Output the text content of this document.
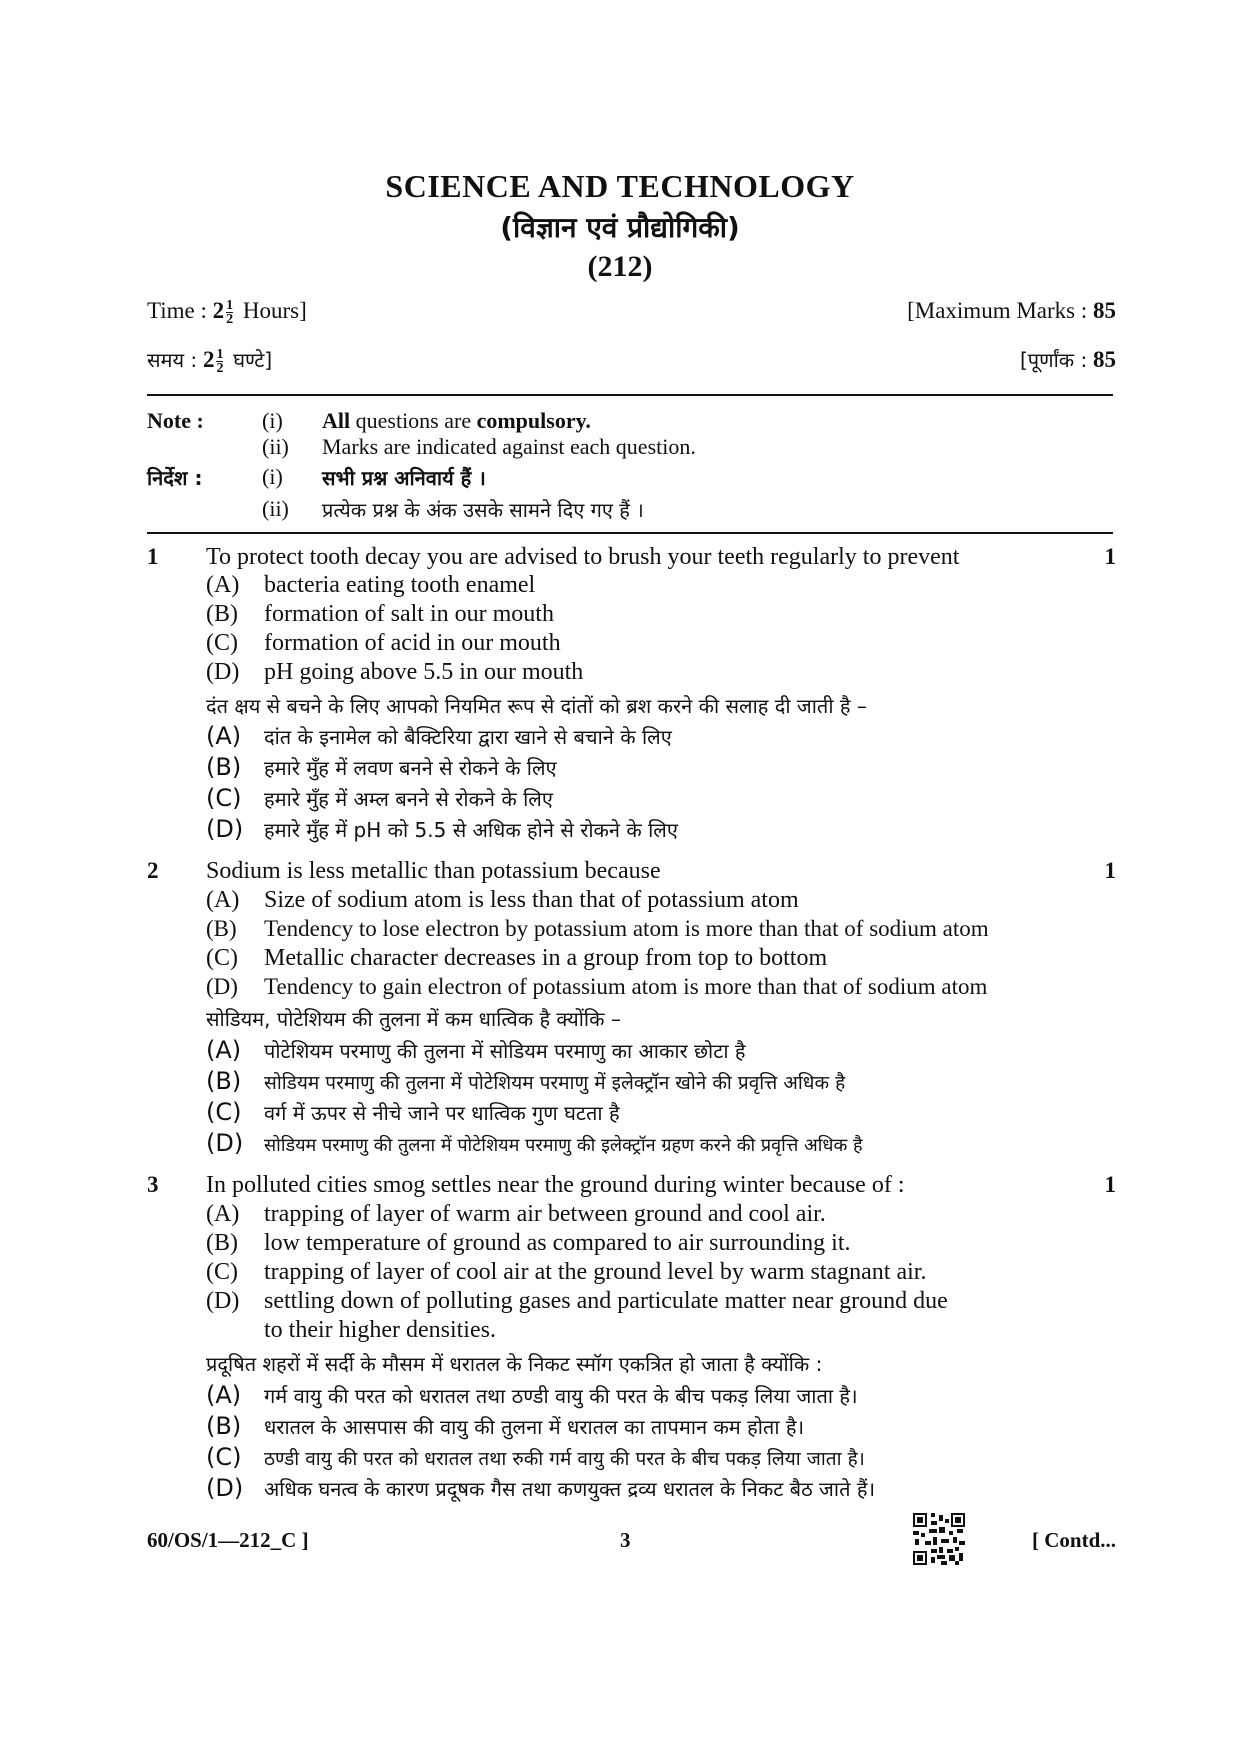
SCIENCE AND TECHNOLOGY
(विज्ञान एवं प्रौद्योगिकी)
(212)
Time : $2 \frac{1}{2}$ Hours]	[Maximum Marks : 85
समय : $2 \frac{1}{2}$ घण्टे]	[पूर्णांक : 85
Note :	(i) All questions are compulsory.
(ii) Marks are indicated against each question.
निर्देश :	(i) सभी प्रश्न अनिवार्य हैं ।
(ii) प्रत्येक प्रश्न के अंक उसके सामने दिए गए हैं ।
1 To protect tooth decay you are advised to brush your teeth regularly to prevent	1
(A) bacteria eating tooth enamel
(B) formation of salt in our mouth
(C) formation of acid in our mouth
(D) pH going above 5.5 in our mouth
दंत क्षय से बचने के लिए आपको नियमित रूप से दांतों को ब्रश करने की सलाह दी जाती है –
(A) दांत के इनामेल को बैक्टिरिया द्वारा खाने से बचाने के लिए
(B) हमारे मुँह में लवण बनने से रोकने के लिए
(C) हमारे मुँह में अम्ल बनने से रोकने के लिए
(D) हमारे मुँह में pH को 5.5 से अधिक होने से रोकने के लिए
2 Sodium is less metallic than potassium because	1
(A) Size of sodium atom is less than that of potassium atom
(B) Tendency to lose electron by potassium atom is more than that of sodium atom
(C) Metallic character decreases in a group from top to bottom
(D) Tendency to gain electron of potassium atom is more than that of sodium atom
सोडियम, पोटेशियम की तुलना में कम धात्विक है क्योंकि –
(A) पोटेशियम परमाणु की तुलना में सोडियम परमाणु का आकार छोटा है
(B) सोडियम परमाणु की तुलना में पोटेशियम परमाणु में इलेक्ट्रॉन खोने की प्रवृत्ति अधिक है
(C) वर्ग में ऊपर से नीचे जाने पर धात्विक गुण घटता है
(D) सोडियम परमाणु की तुलना में पोटेशियम परमाणु की इलेक्ट्रॉन ग्रहण करने की प्रवृत्ति अधिक है
3 In polluted cities smog settles near the ground during winter because of :	1
(A) trapping of layer of warm air between ground and cool air.
(B) low temperature of ground as compared to air surrounding it.
(C) trapping of layer of cool air at the ground level by warm stagnant air.
(D) settling down of polluting gases and particulate matter near ground due
to their higher densities.
प्रदूषित शहरों में सर्दी के मौसम में धरातल के निकट स्मॉग एकत्रित हो जाता है क्योंकि :
(A) गर्म वायु की परत को धरातल तथा ठण्डी वायु की परत के बीच पकड़ लिया जाता है।
(B) धरातल के आसपास की वायु की तुलना में धरातल का तापमान कम होता है।
(C) ठण्डी वायु की परत को धरातल तथा रुकी गर्म वायु की परत के बीच पकड़ लिया जाता है।
(D) अधिक घनत्व के कारण प्रदूषक गैस तथा कणयुक्त द्रव्य धरातल के निकट बैठ जाते हैं।
60/OS/1—212_C ]	3	[ Contd...
